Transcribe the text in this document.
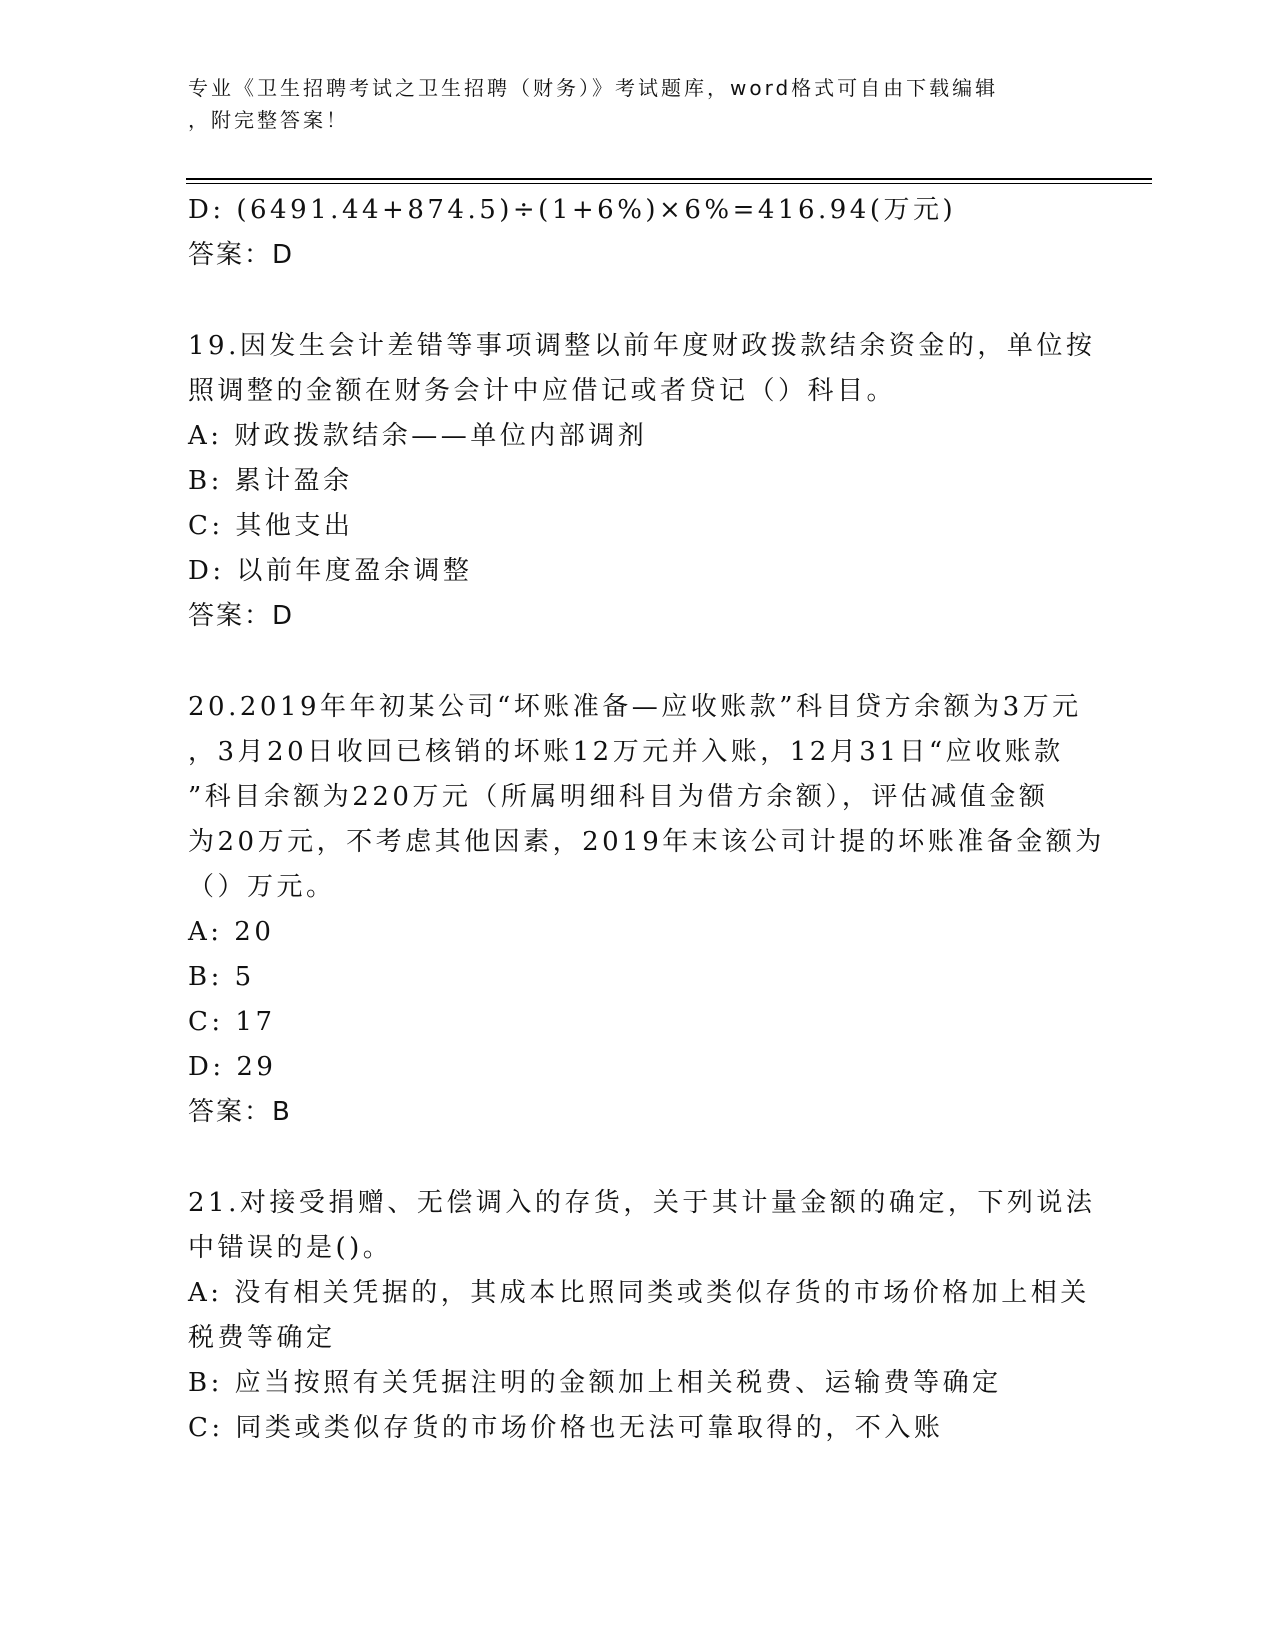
专业《卫生招聘考试之卫生招聘（财务）》考试题库，word格式可自由下载编辑
，附完整答案！
D: (6491.44+874.5)÷(1+6%)×6%=416.94(万元)
答案：D
19.因发生会计差错等事项调整以前年度财政拨款结余资金的，单位按
照调整的金额在财务会计中应借记或者贷记（）科目。
A: 财政拨款结余——单位内部调剂
B: 累计盈余
C: 其他支出
D: 以前年度盈余调整
答案：D
20.2019年年初某公司“坏账准备—应收账款”科目贷方余额为3万元
，3月20日收回已核销的坏账12万元并入账，12月31日“应收账款
”科目余额为220万元（所属明细科目为借方余额），评估减值金额
为20万元，不考虑其他因素，2019年末该公司计提的坏账准备金额为
（）万元。
A: 20
B: 5
C: 17
D: 29
答案：B
21.对接受捐赠、无偿调入的存货，关于其计量金额的确定，下列说法
中错误的是()。
A: 没有相关凭据的，其成本比照同类或类似存货的市场价格加上相关
税费等确定
B: 应当按照有关凭据注明的金额加上相关税费、运输费等确定
C: 同类或类似存货的市场价格也无法可靠取得的，不入账
